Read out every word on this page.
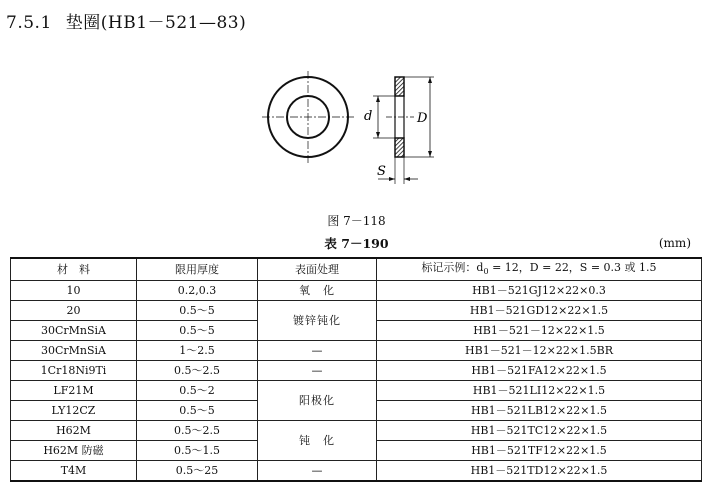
7.5.1 垫圈(HB1－521—83)
d	D
S
图 7－118
表 7－190	(mm)
材　料	限用厚度	表面处理	标记示例：$d_0 = 12$，D = 22，S = 0.3 或 1.5
10	0.2,0.3	氧　化	HB1－521GJ12×22×0.3
20	0.5～5	镀锌钝化	HB1－521GD12×22×1.5
30CrMnSiA	0.5～5		HB1－521－12×22×1.5
30CrMnSiA	1～2.5	—	HB1－521－12×22×1.5BR
1Cr18Ni9Ti	0.5～2.5	—	HB1－521FA12×22×1.5
LF21M	0.5～2	阳极化	HB1－521LI12×22×1.5
LY12CZ	0.5～5		HB1－521LB12×22×1.5
H62M	0.5～2.5	钝　化	HB1－521TC12×22×1.5
H62M 防磁	0.5～1.5		HB1－521TF12×22×1.5
T4M	0.5～25	—	HB1－521TD12×22×1.5
